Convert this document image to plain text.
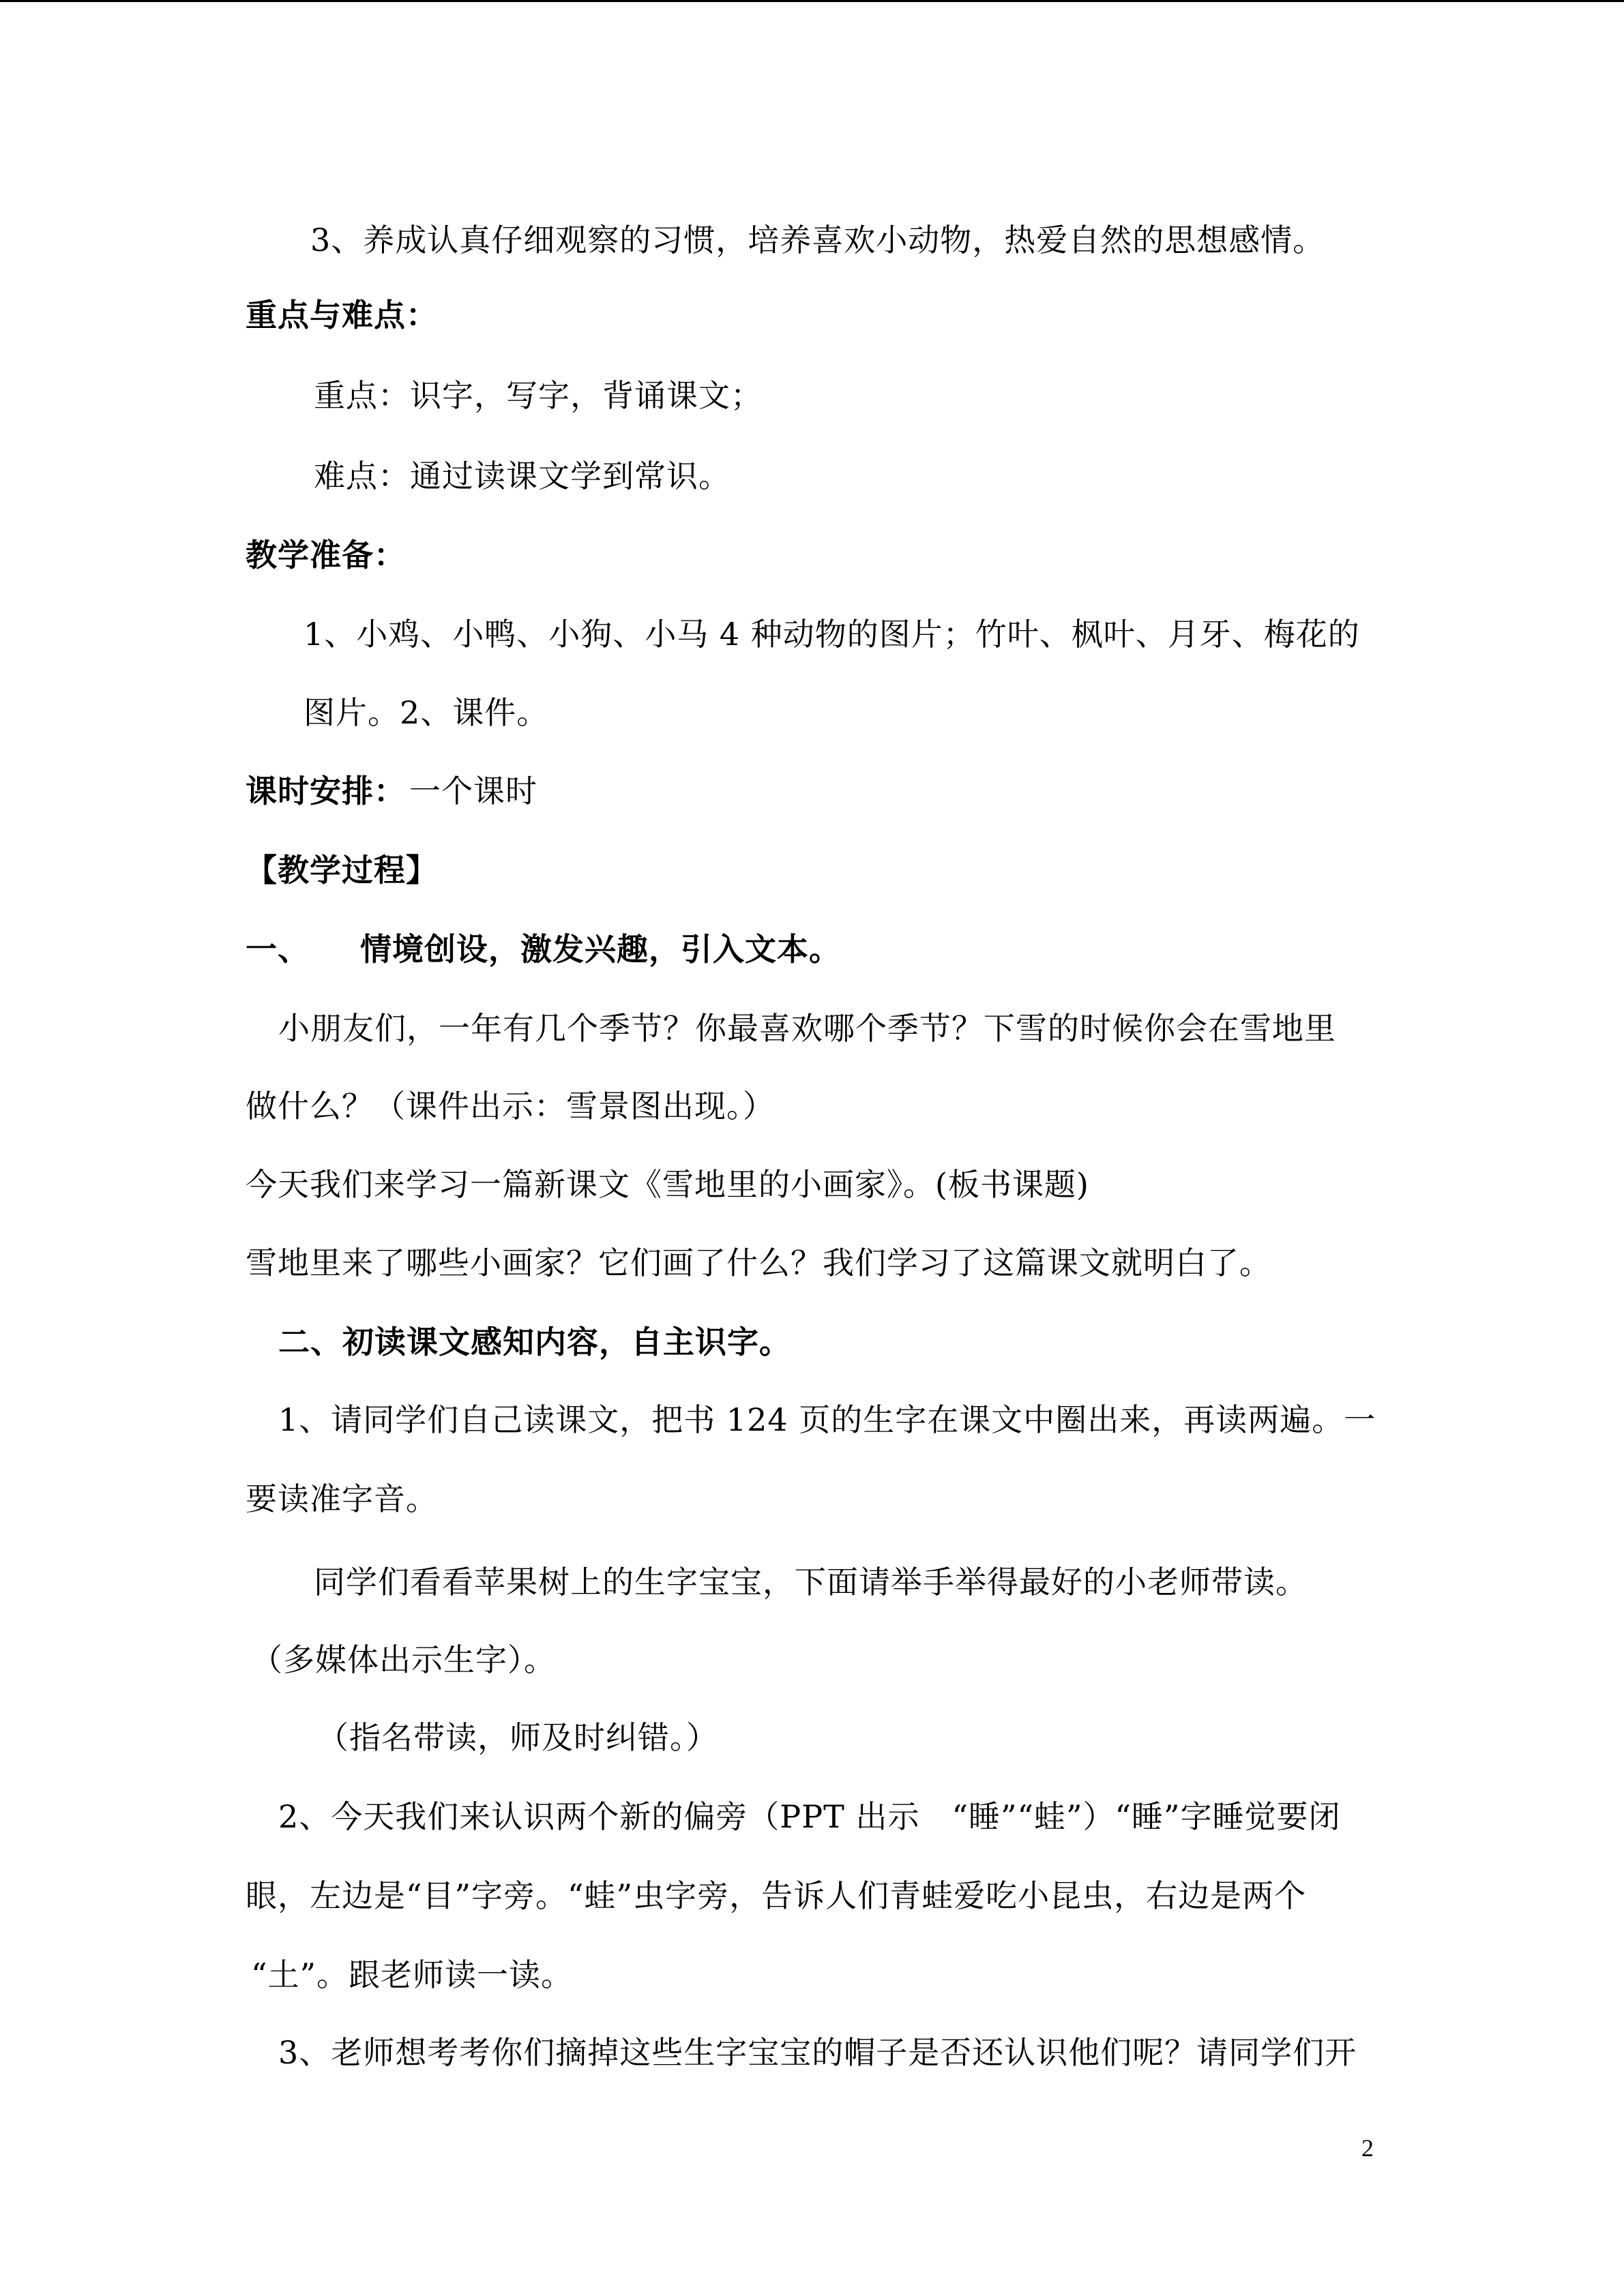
3、养成认真仔细观察的习惯，培养喜欢小动物，热爱自然的思想感情。
重点与难点：
重点：识字，写字，背诵课文；
难点：通过读课文学到常识。
教学准备：
1、小鸡、小鸭、小狗、小马 4 种动物的图片；竹叶、枫叶、月牙、梅花的
图片。2、课件。
课时安排： 一个课时
【教学过程】
一、 情境创设，激发兴趣，引入文本。
小朋友们，一年有几个季节？你最喜欢哪个季节？下雪的时候你会在雪地里
做什么？（课件出示：雪景图出现。）
今天我们来学习一篇新课文《雪地里的小画家》。(板书课题)
雪地里来了哪些小画家？它们画了什么？我们学习了这篇课文就明白了。
二、初读课文感知内容，自主识字。
1、请同学们自己读课文，把书 124 页的生字在课文中圈出来，再读两遍。一
要读准字音。
同学们看看苹果树上的生字宝宝，下面请举手举得最好的小老师带读。
（多媒体出示生字）。
（指名带读，师及时纠错。）
2、今天我们来认识两个新的偏旁（PPT 出示　“睡”“蛙”）“睡”字睡觉要闭
眼，左边是“目”字旁。“蛙”虫字旁，告诉人们青蛙爱吃小昆虫，右边是两个
“土”。跟老师读一读。
3、老师想考考你们摘掉这些生字宝宝的帽子是否还认识他们呢？请同学们开
2
